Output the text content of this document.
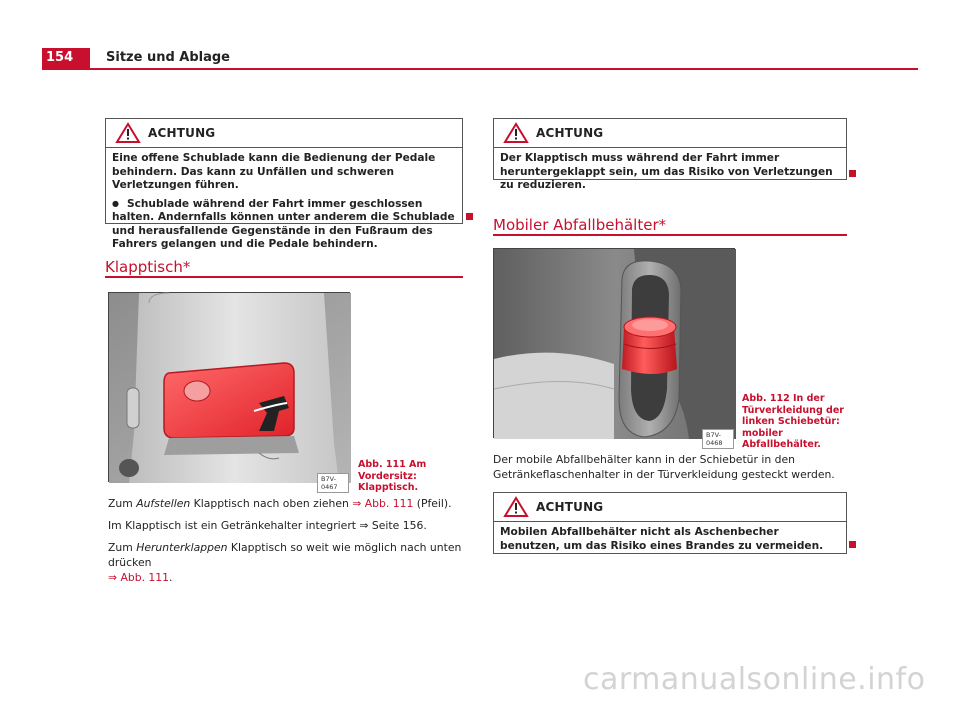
154	Sitze und Ablage
ACHTUNG

Eine offene Schublade kann die Bedienung der Pedale behindern. Das kann zu Unfällen und schweren Verletzungen führen.

● Schublade während der Fahrt immer geschlossen halten. Andernfalls können unter anderem die Schublade und herausfallende Gegenstände in den Fußraum des Fahrers gelangen und die Pedale behindern.

Klapptisch*
B7V-0467
Abb. 111 Am Vordersitz: Klapptisch.

Zum Aufstellen Klapptisch nach oben ziehen ⇒ Abb. 111 (Pfeil).

Im Klapptisch ist ein Getränkehalter integriert ⇒ Seite 156.

Zum Herunterklappen Klapptisch so weit wie möglich nach unten drücken
⇒ Abb. 111.

ACHTUNG

Der Klapptisch muss während der Fahrt immer heruntergeklappt sein, um das Risiko von Verletzungen zu reduzieren.

Mobiler Abfallbehälter*
B7V-0468
Abb. 112 In der Türverkleidung der linken Schiebetür: mobiler Abfallbehälter.

Der mobile Abfallbehälter kann in der Schiebetür in den Getränkeflaschenhalter in der Türverkleidung gesteckt werden.

ACHTUNG

Mobilen Abfallbehälter nicht als Aschenbecher benutzen, um das Risiko eines Brandes zu vermeiden.

carmanualsonline.info
